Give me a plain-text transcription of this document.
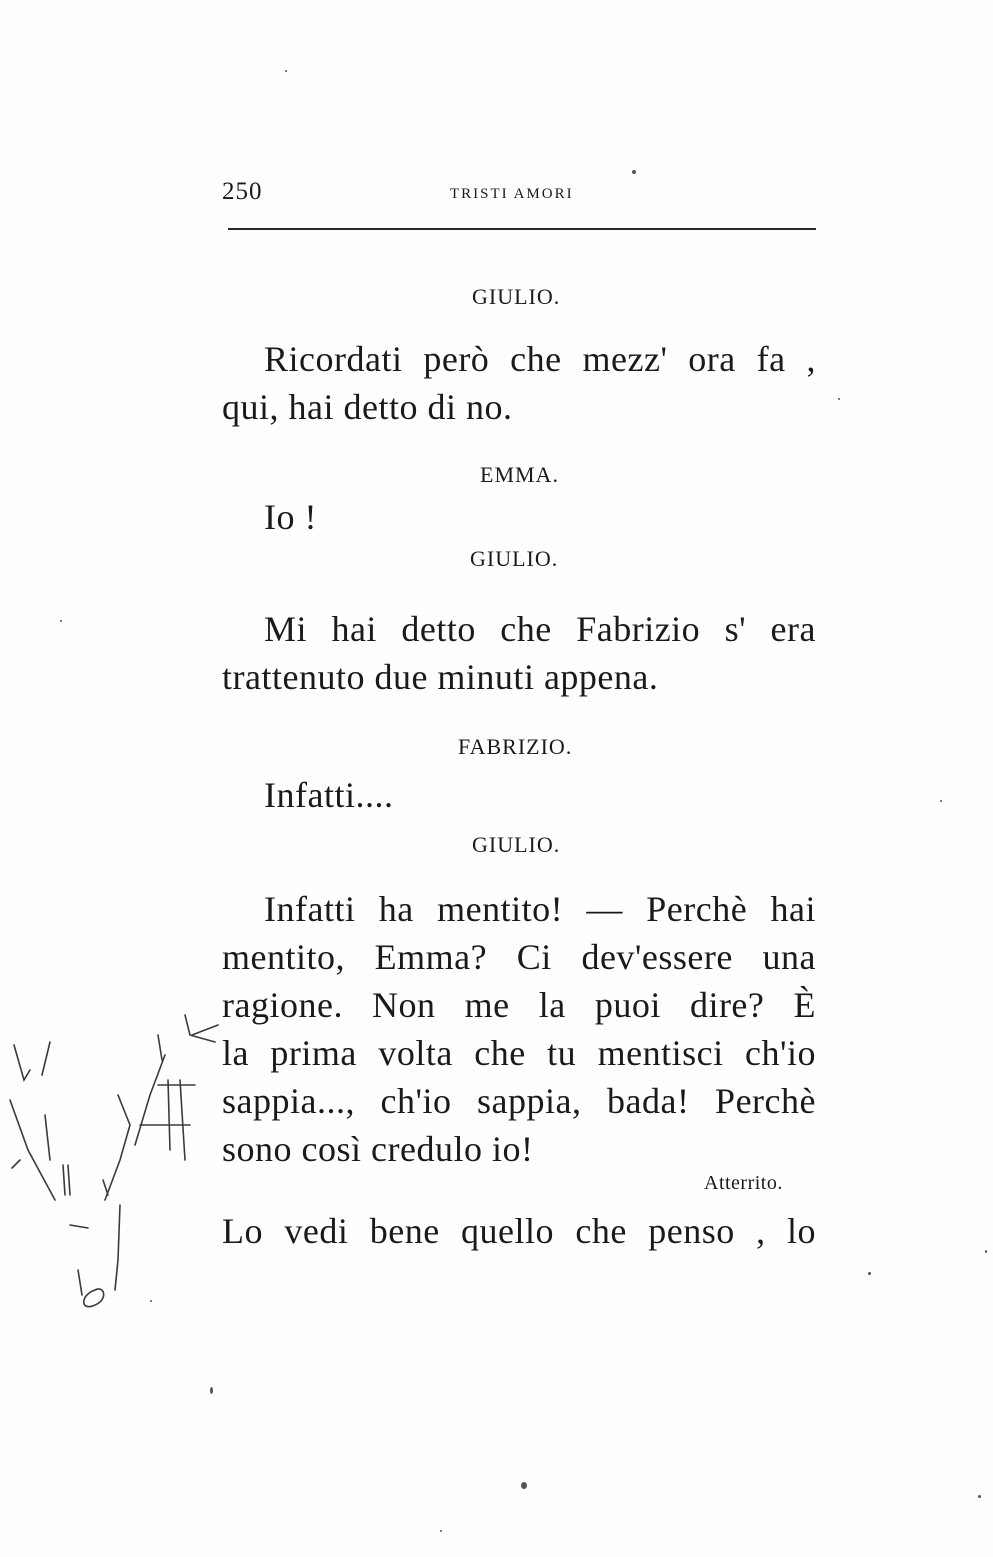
250	TRISTI AMORI
GIULIO.
Ricordati però che mezz' ora fa ,
qui, hai detto di no.
EMMA.
Io !
GIULIO.
Mi hai detto che Fabrizio s' era
trattenuto due minuti appena.
FABRIZIO.
Infatti....
GIULIO.
Infatti ha mentito! — Perchè hai
mentito, Emma? Ci dev'essere una
ragione. Non me la puoi dire? È
la prima volta che tu mentisci ch'io
sappia..., ch'io sappia, bada! Perchè
sono così credulo io!
Atterrito.
Lo vedi bene quello che penso , lo
